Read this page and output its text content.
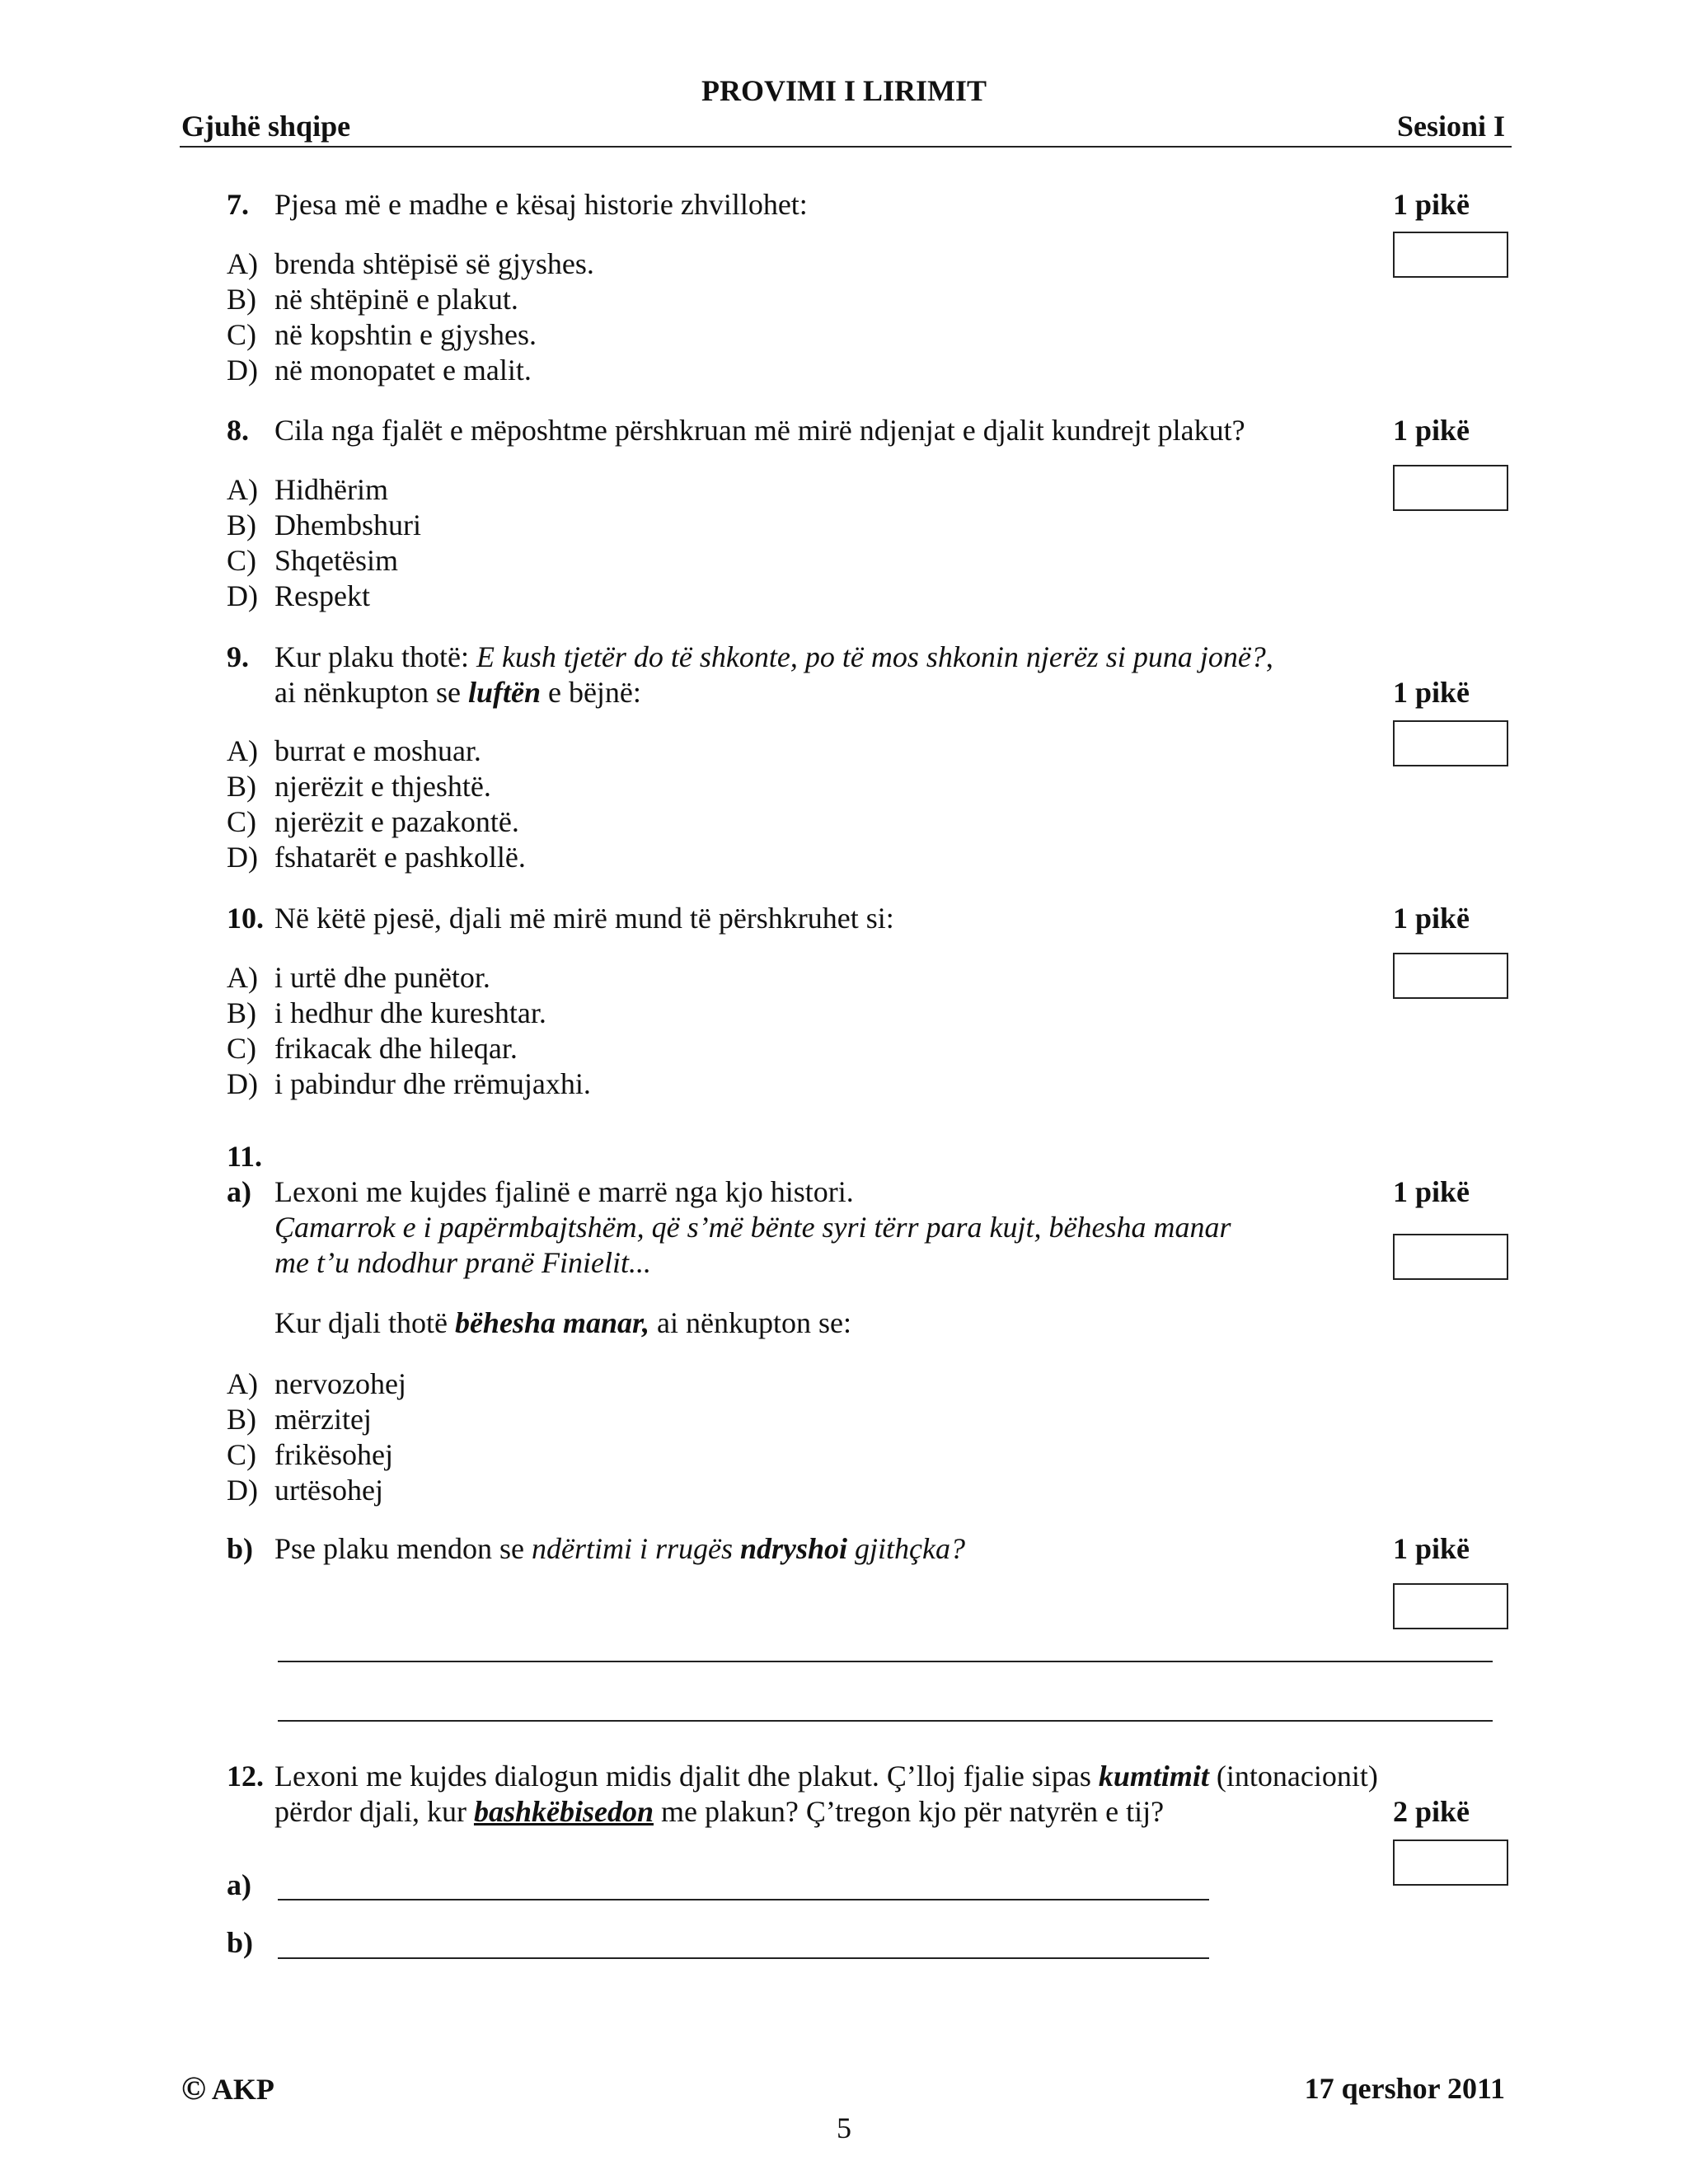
PROVIMI I LIRIMIT
Gjuhë shqipe	Sesioni I
7. Pjesa më e madhe e kësaj historie zhvillohet:	1 pikë
A) brenda shtëpisë së gjyshes.
B) në shtëpinë e plakut.
C) në kopshtin e gjyshes.
D) në monopatet e malit.
8. Cila nga fjalët e mëposhtme përshkruan më mirë ndjenjat e djalit kundrejt plakut?	1 pikë
A) Hidhërim
B) Dhembshuri
C) Shqetësim
D) Respekt
9. Kur plaku thotë: E kush tjetër do të shkonte, po të mos shkonin njerëz si puna jonë?,
ai nënkupton se luftën e bëjnë:	1 pikë
A) burrat e moshuar.
B) njerëzit e thjeshtë.
C) njerëzit e pazakontë.
D) fshatarët e pashkollë.
10. Në këtë pjesë, djali më mirë mund të përshkruhet si:	1 pikë
A) i urtë dhe punëtor.
B) i hedhur dhe kureshtar.
C) frikacak dhe hileqar.
D) i pabindur dhe rrëmujaxhi.
11.
a) Lexoni me kujdes fjalinë e marrë nga kjo histori.	1 pikë
Çamarrok e i papërmbajtshëm, që s’më bënte syri tërr para kujt, bëhesha manar
me t’u ndodhur pranë Finielit...
Kur djali thotë bëhesha manar, ai nënkupton se:
A) nervozohej
B) mërzitej
C) frikësohej
D) urtësohej
b) Pse plaku mendon se ndërtimi i rrugës ndryshoi gjithçka?	1 pikë
12. Lexoni me kujdes dialogun midis djalit dhe plakut. Ç’lloj fjalie sipas kumtimit (intonacionit)
përdor djali, kur bashkëbisedon me plakun? Ç’tregon kjo për natyrën e tij?	2 pikë
a)
b)
© AKP	17 qershor 2011
5
